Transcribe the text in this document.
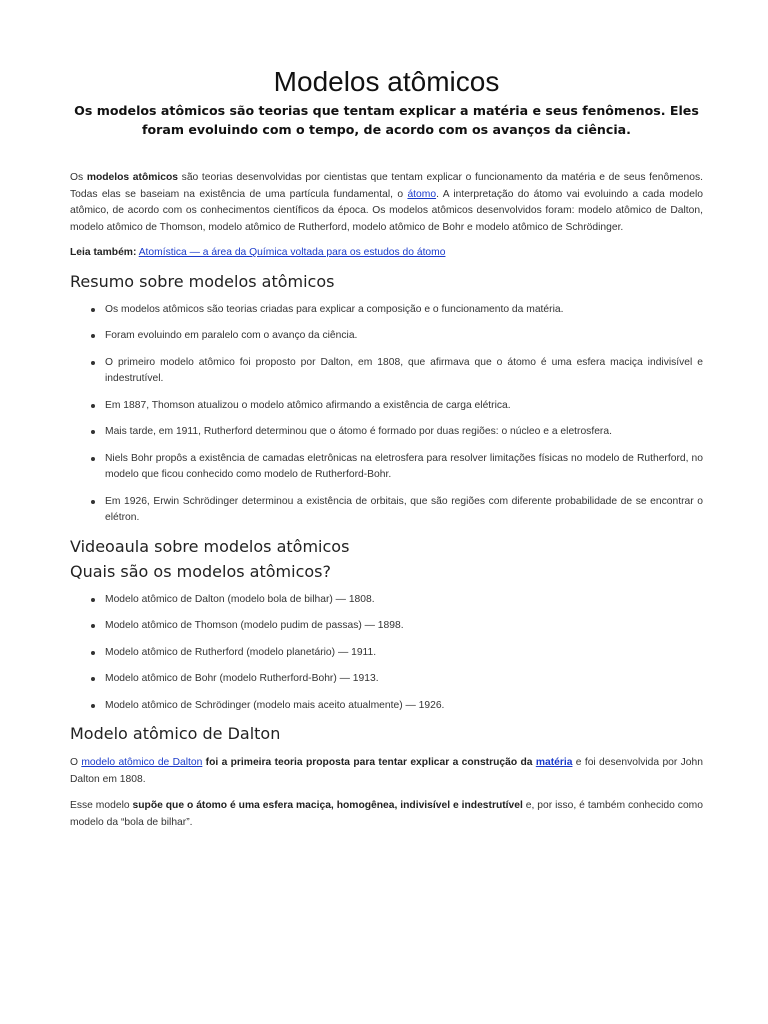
Modelos atômicos
Os modelos atômicos são teorias que tentam explicar a matéria e seus fenômenos. Eles foram evoluindo com o tempo, de acordo com os avanços da ciência.

Os modelos atômicos são teorias desenvolvidas por cientistas que tentam explicar o funcionamento da matéria e de seus fenômenos. Todas elas se baseiam na existência de uma partícula fundamental, o átomo. A interpretação do átomo vai evoluindo a cada modelo atômico, de acordo com os conhecimentos científicos da época. Os modelos atômicos desenvolvidos foram: modelo atômico de Dalton, modelo atômico de Thomson, modelo atômico de Rutherford, modelo atômico de Bohr e modelo atômico de Schrödinger.

Leia também: Atomística — a área da Química voltada para os estudos do átomo

Resumo sobre modelos atômicos
Os modelos atômicos são teorias criadas para explicar a composição e o funcionamento da matéria.
Foram evoluindo em paralelo com o avanço da ciência.
O primeiro modelo atômico foi proposto por Dalton, em 1808, que afirmava que o átomo é uma esfera maciça indivisível e indestrutível.
Em 1887, Thomson atualizou o modelo atômico afirmando a existência de carga elétrica.
Mais tarde, em 1911, Rutherford determinou que o átomo é formado por duas regiões: o núcleo e a eletrosfera.
Niels Bohr propôs a existência de camadas eletrônicas na eletrosfera para resolver limitações físicas no modelo de Rutherford, no modelo que ficou conhecido como modelo de Rutherford-Bohr.
Em 1926, Erwin Schrödinger determinou a existência de orbitais, que são regiões com diferente probabilidade de se encontrar o elétron.
Videoaula sobre modelos atômicos
Quais são os modelos atômicos?
Modelo atômico de Dalton (modelo bola de bilhar) — 1808.
Modelo atômico de Thomson (modelo pudim de passas) — 1898.
Modelo atômico de Rutherford (modelo planetário) — 1911.
Modelo atômico de Bohr (modelo Rutherford-Bohr) — 1913.
Modelo atômico de Schrödinger (modelo mais aceito atualmente) — 1926.
Modelo atômico de Dalton

O modelo atômico de Dalton foi a primeira teoria proposta para tentar explicar a construção da matéria e foi desenvolvida por John Dalton em 1808.

Esse modelo supõe que o átomo é uma esfera maciça, homogênea, indivisível e indestrutível e, por isso, é também conhecido como modelo da “bola de bilhar”.
